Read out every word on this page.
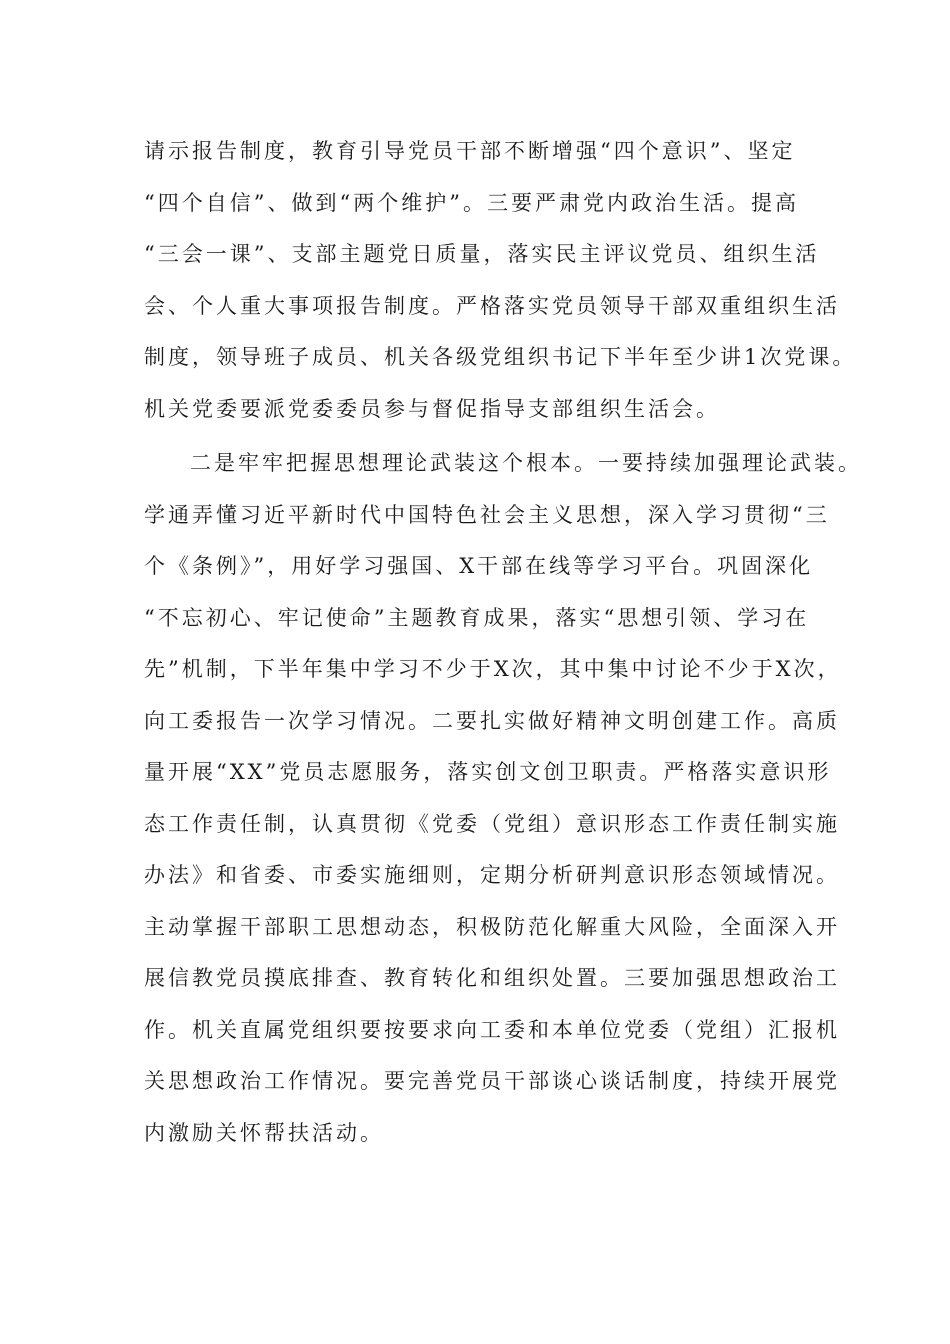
请示报告制度，教育引导党员干部不断增强“四个意识”、坚定
“四个自信”、做到“两个维护”。三要严肃党内政治生活。提高
“三会一课”、支部主题党日质量，落实民主评议党员、组织生活
会、个人重大事项报告制度。严格落实党员领导干部双重组织生活
制度，领导班子成员、机关各级党组织书记下半年至少讲1次党课。
机关党委要派党委委员参与督促指导支部组织生活会。
二是牢牢把握思想理论武装这个根本。一要持续加强理论武装。
学通弄懂习近平新时代中国特色社会主义思想，深入学习贯彻“三
个《条例》”，用好学习强国、X干部在线等学习平台。巩固深化
“不忘初心、牢记使命”主题教育成果，落实“思想引领、学习在
先”机制，下半年集中学习不少于X次，其中集中讨论不少于X次，
向工委报告一次学习情况。二要扎实做好精神文明创建工作。高质
量开展“XX”党员志愿服务，落实创文创卫职责。严格落实意识形
态工作责任制，认真贯彻《党委（党组）意识形态工作责任制实施
办法》和省委、市委实施细则，定期分析研判意识形态领域情况。
主动掌握干部职工思想动态，积极防范化解重大风险，全面深入开
展信教党员摸底排查、教育转化和组织处置。三要加强思想政治工
作。机关直属党组织要按要求向工委和本单位党委（党组）汇报机
关思想政治工作情况。要完善党员干部谈心谈话制度，持续开展党
内激励关怀帮扶活动。
